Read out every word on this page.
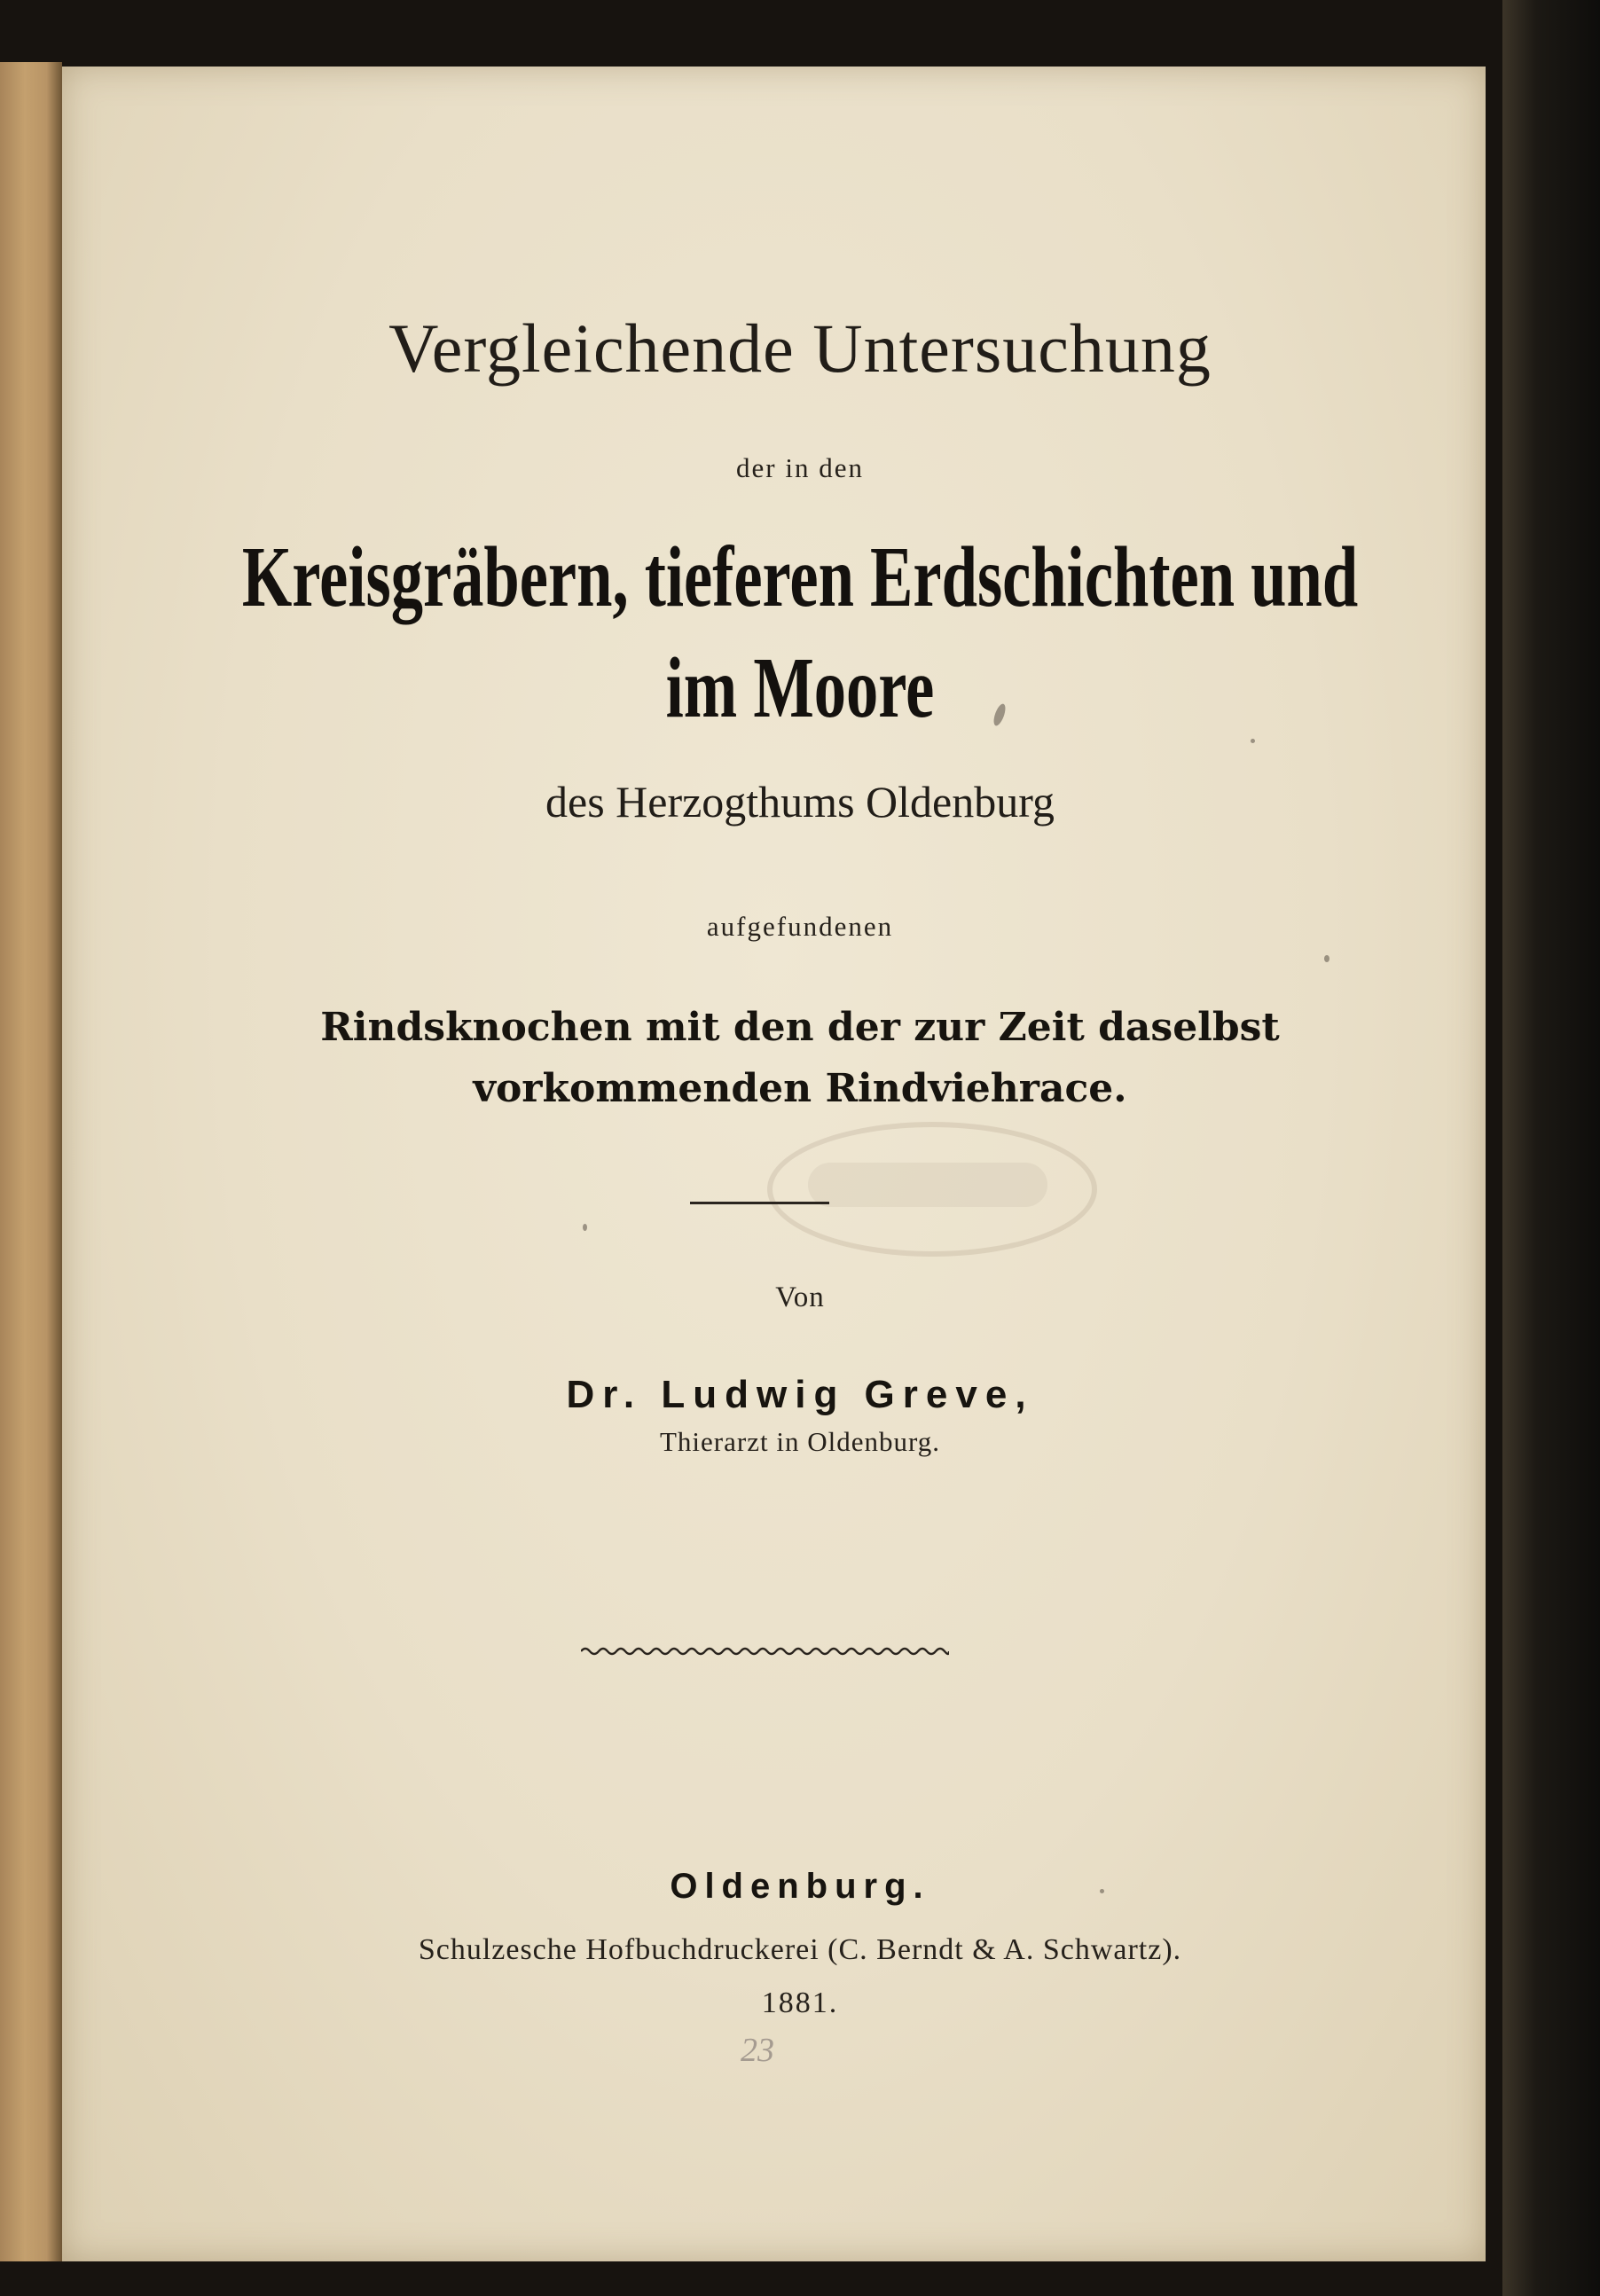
Vergleichende Untersuchung

der in den

Kreisgräbern, tieferen Erdschichten und

im Moore

des Herzogthums Oldenburg

aufgefundenen

Rindsknochen mit den der zur Zeit daselbst

vorkommenden Rindviehrace.

Von

Dr. Ludwig Greve,

Thierarzt in Oldenburg.

Oldenburg.

Schulzesche Hofbuchdruckerei (C. Berndt & A. Schwartz).

1881.

23
